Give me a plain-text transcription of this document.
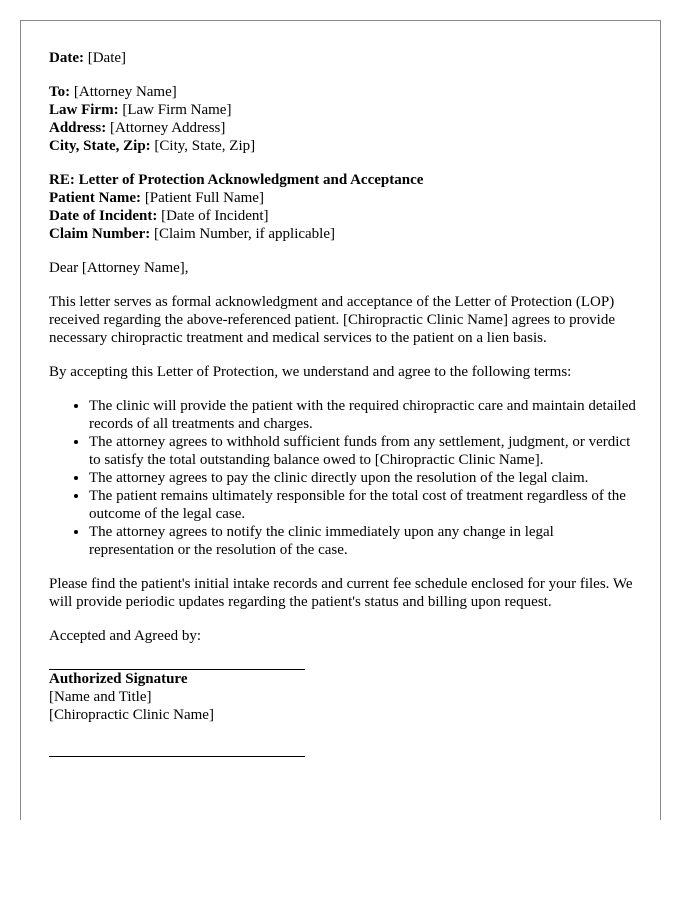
Date: [Date]

To: [Attorney Name]

Law Firm: [Law Firm Name]

Address: [Attorney Address]

City, State, Zip: [City, State, Zip]

RE: Letter of Protection Acknowledgment and Acceptance

Patient Name: [Patient Full Name]

Date of Incident: [Date of Incident]

Claim Number: [Claim Number, if applicable]

Dear [Attorney Name],

This letter serves as formal acknowledgment and acceptance of the Letter of Protection (LOP) received regarding the above-referenced patient. [Chiropractic Clinic Name] agrees to provide necessary chiropractic treatment and medical services to the patient on a lien basis.

By accepting this Letter of Protection, we understand and agree to the following terms:

• The clinic will provide the patient with the required chiropractic care and maintain detailed records of all treatments and charges.
• The attorney agrees to withhold sufficient funds from any settlement, judgment, or verdict to satisfy the total outstanding balance owed to [Chiropractic Clinic Name].
• The attorney agrees to pay the clinic directly upon the resolution of the legal claim.
• The patient remains ultimately responsible for the total cost of treatment regardless of the outcome of the legal case.
• The attorney agrees to notify the clinic immediately upon any change in legal representation or the resolution of the case.

Please find the patient's initial intake records and current fee schedule enclosed for your files. We will provide periodic updates regarding the patient's status and billing upon request.

Accepted and Agreed by:

Authorized Signature

[Name and Title]

[Chiropractic Clinic Name]
